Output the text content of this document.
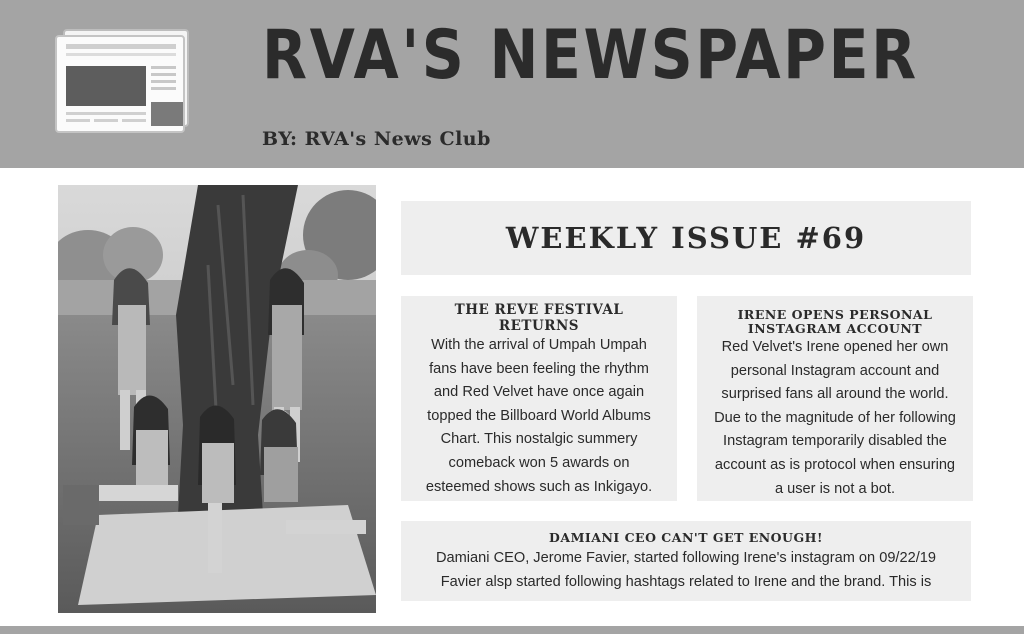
RVA'S NEWSPAPER
BY: RVA's News Club
WEEKLY ISSUE #69
THE REVE FESTIVAL
RETURNS
With the arrival of Umpah Umpah
fans have been feeling the rhythm
and Red Velvet have once again
topped the Billboard World Albums
Chart. This nostalgic summery
comeback won 5 awards on
esteemed shows such as Inkigayo.
IRENE OPENS PERSONAL
INSTAGRAM ACCOUNT
Red Velvet's Irene opened her own
personal Instagram account and
surprised fans all around the world.
Due to the magnitude of her following
Instagram temporarily disabled the
account as is protocol when ensuring
a user is not a bot.
DAMIANI CEO CAN'T GET ENOUGH!
Damiani CEO, Jerome Favier, started following Irene's instagram on 09/22/19
Favier alsp started following hashtags related to Irene and the brand. This is
